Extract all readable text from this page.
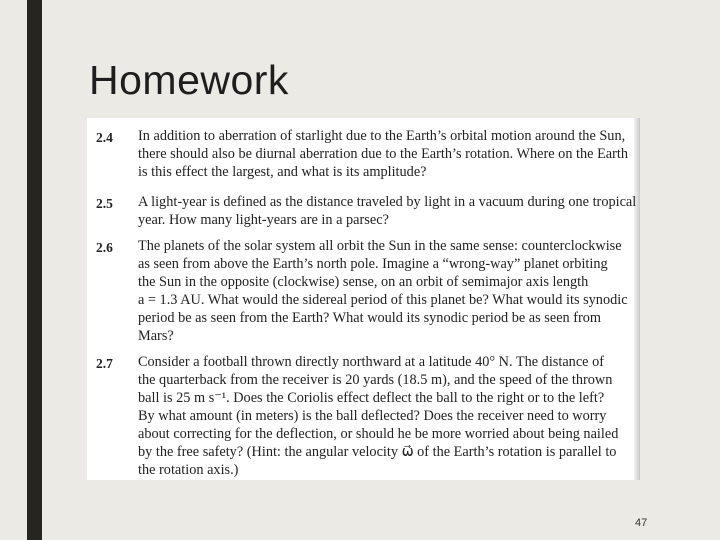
Homework
2.4 In addition to aberration of starlight due to the Earth’s orbital motion around the Sun,
there should also be diurnal aberration due to the Earth’s rotation. Where on the Earth
is this effect the largest, and what is its amplitude?
2.5 A light-year is defined as the distance traveled by light in a vacuum during one tropical
year. How many light-years are in a parsec?
2.6 The planets of the solar system all orbit the Sun in the same sense: counterclockwise
as seen from above the Earth’s north pole. Imagine a “wrong-way” planet orbiting
the Sun in the opposite (clockwise) sense, on an orbit of semimajor axis length
a = 1.3 AU. What would the sidereal period of this planet be? What would its synodic
period be as seen from the Earth? What would its synodic period be as seen from
Mars?
2.7 Consider a football thrown directly northward at a latitude 40° N. The distance of
the quarterback from the receiver is 20 yards (18.5 m), and the speed of the thrown
ball is 25 m s⁻¹. Does the Coriolis effect deflect the ball to the right or to the left?
By what amount (in meters) is the ball deflected? Does the receiver need to worry
about correcting for the deflection, or should he be more worried about being nailed
by the free safety? (Hint: the angular velocity ω⃗ of the Earth’s rotation is parallel to
the rotation axis.)
47
